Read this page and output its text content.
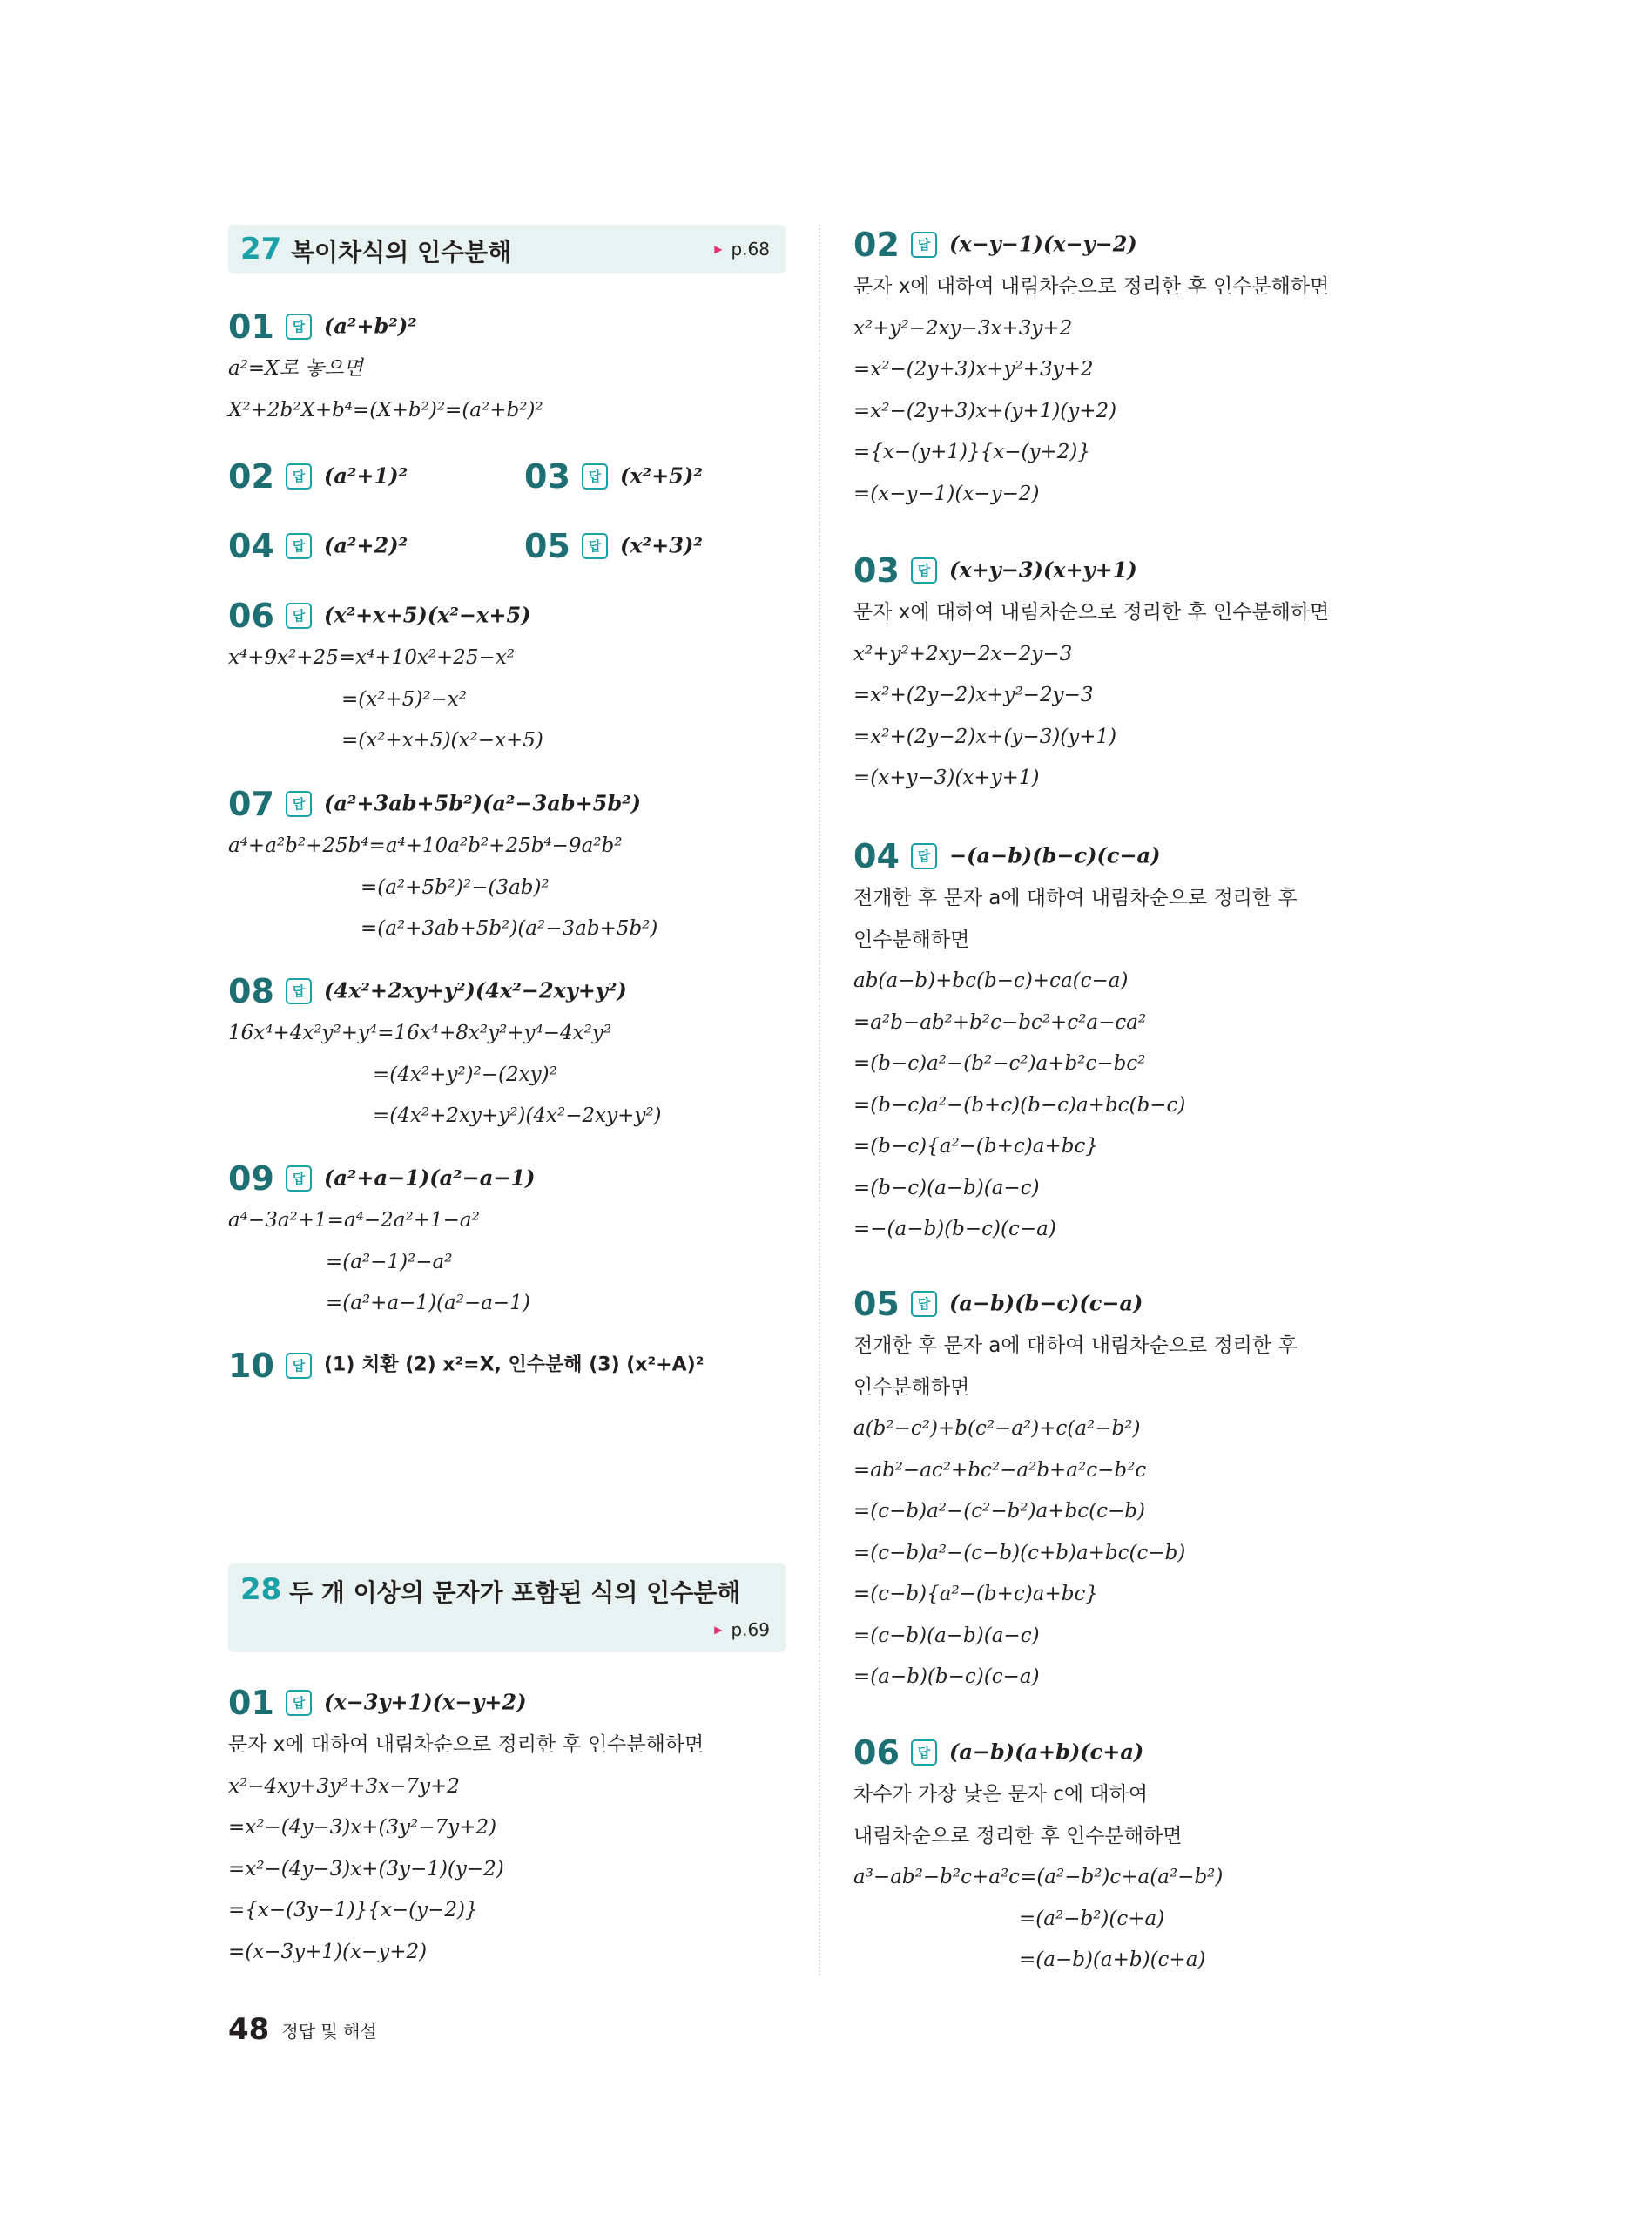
27 복이차식의 인수분해
▶	p.68
01 답 (a²+b²)²
a²=X로 놓으면
X²+2b²X+b⁴=(X+b²)²=(a²+b²)²
02 답 (a²+1)²	03 답 (x²+5)²
04 답 (a²+2)²	05 답 (x²+3)²
06 답 (x²+x+5)(x²−x+5)
x⁴+9x²+25=x⁴+10x²+25−x²
=(x²+5)²−x²
=(x²+x+5)(x²−x+5)
07 답 (a²+3ab+5b²)(a²−3ab+5b²)
a⁴+a²b²+25b⁴=a⁴+10a²b²+25b⁴−9a²b²
=(a²+5b²)²−(3ab)²
=(a²+3ab+5b²)(a²−3ab+5b²)
08 답 (4x²+2xy+y²)(4x²−2xy+y²)
16x⁴+4x²y²+y⁴=16x⁴+8x²y²+y⁴−4x²y²
=(4x²+y²)²−(2xy)²
=(4x²+2xy+y²)(4x²−2xy+y²)
09 답 (a²+a−1)(a²−a−1)
a⁴−3a²+1=a⁴−2a²+1−a²
=(a²−1)²−a²
=(a²+a−1)(a²−a−1)
10 답 (1) 치환 (2) x²=X, 인수분해 (3) (x²+A)²
28 두 개 이상의 문자가 포함된 식의 인수분해
▶ p.69
01 답 (x−3y+1)(x−y+2)
문자 x에 대하여 내림차순으로 정리한 후 인수분해하면
x²−4xy+3y²+3x−7y+2
=x²−(4y−3)x+(3y²−7y+2)
=x²−(4y−3)x+(3y−1)(y−2)
={x−(3y−1)}{x−(y−2)}
=(x−3y+1)(x−y+2)
02 답 (x−y−1)(x−y−2)
문자 x에 대하여 내림차순으로 정리한 후 인수분해하면
x²+y²−2xy−3x+3y+2
=x²−(2y+3)x+y²+3y+2
=x²−(2y+3)x+(y+1)(y+2)
={x−(y+1)}{x−(y+2)}
=(x−y−1)(x−y−2)
03 답 (x+y−3)(x+y+1)
문자 x에 대하여 내림차순으로 정리한 후 인수분해하면
x²+y²+2xy−2x−2y−3
=x²+(2y−2)x+y²−2y−3
=x²+(2y−2)x+(y−3)(y+1)
=(x+y−3)(x+y+1)
04 답 −(a−b)(b−c)(c−a)
전개한 후 문자 a에 대하여 내림차순으로 정리한 후
인수분해하면
ab(a−b)+bc(b−c)+ca(c−a)
=a²b−ab²+b²c−bc²+c²a−ca²
=(b−c)a²−(b²−c²)a+b²c−bc²
=(b−c)a²−(b+c)(b−c)a+bc(b−c)
=(b−c){a²−(b+c)a+bc}
=(b−c)(a−b)(a−c)
=−(a−b)(b−c)(c−a)
05 답 (a−b)(b−c)(c−a)
전개한 후 문자 a에 대하여 내림차순으로 정리한 후
인수분해하면
a(b²−c²)+b(c²−a²)+c(a²−b²)
=ab²−ac²+bc²−a²b+a²c−b²c
=(c−b)a²−(c²−b²)a+bc(c−b)
=(c−b)a²−(c−b)(c+b)a+bc(c−b)
=(c−b){a²−(b+c)a+bc}
=(c−b)(a−b)(a−c)
=(a−b)(b−c)(c−a)
06 답 (a−b)(a+b)(c+a)
차수가 가장 낮은 문자 c에 대하여
내림차순으로 정리한 후 인수분해하면
a³−ab²−b²c+a²c=(a²−b²)c+a(a²−b²)
=(a²−b²)(c+a)
=(a−b)(a+b)(c+a)
48 정답 및 해설
